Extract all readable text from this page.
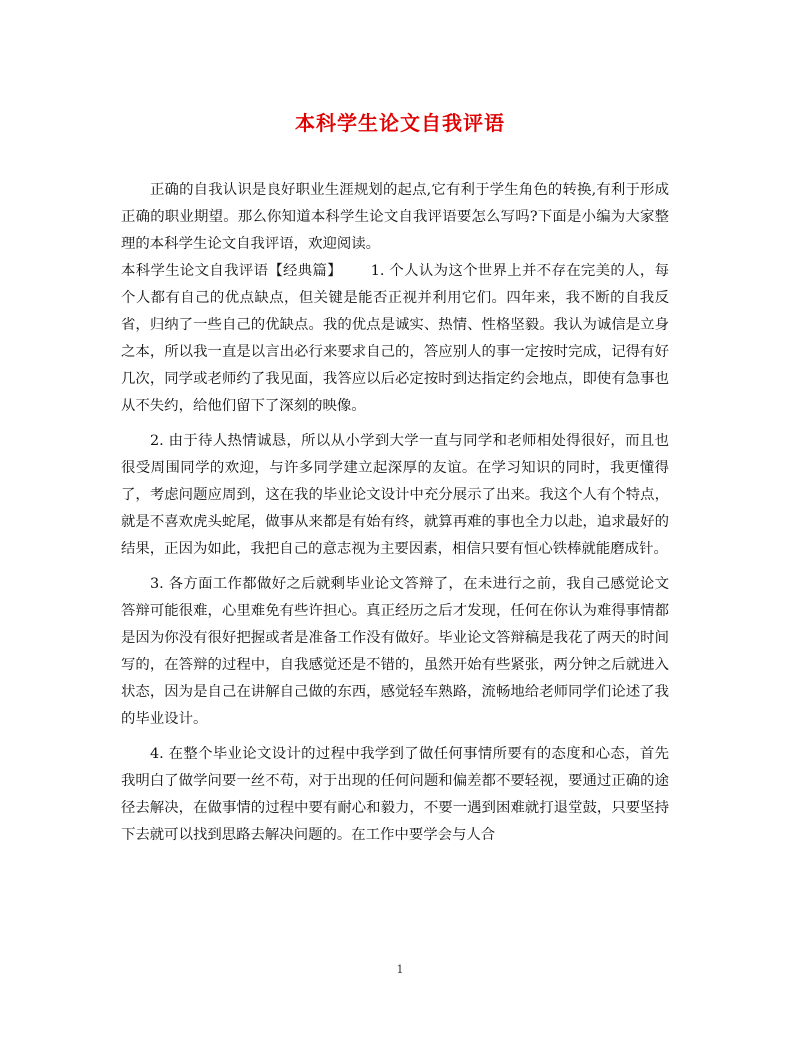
本科学生论文自我评语

正确的自我认识是良好职业生涯规划的起点,它有利于学生角色的转换,有利于形成正确的职业期望。那么你知道本科学生论文自我评语要怎么写吗?下面是小编为大家整理的本科学生论文自我评语，欢迎阅读。

本科学生论文自我评语【经典篇】   1. 个人认为这个世界上并不存在完美的人，每个人都有自己的优点缺点，但关键是能否正视并利用它们。四年来，我不断的自我反省，归纳了一些自己的优缺点。我的优点是诚实、热情、性格坚毅。我认为诚信是立身之本，所以我一直是以言出必行来要求自己的，答应别人的事一定按时完成，记得有好几次，同学或老师约了我见面，我答应以后必定按时到达指定约会地点，即使有急事也从不失约，给他们留下了深刻的映像。

2. 由于待人热情诚恳，所以从小学到大学一直与同学和老师相处得很好，而且也很受周围同学的欢迎，与许多同学建立起深厚的友谊。在学习知识的同时，我更懂得了，考虑问题应周到，这在我的毕业论文设计中充分展示了出来。我这个人有个特点，就是不喜欢虎头蛇尾，做事从来都是有始有终，就算再难的事也全力以赴，追求最好的结果，正因为如此，我把自己的意志视为主要因素，相信只要有恒心铁棒就能磨成针。

3. 各方面工作都做好之后就剩毕业论文答辩了，在未进行之前，我自己感觉论文答辩可能很难，心里难免有些许担心。真正经历之后才发现，任何在你认为难得事情都是因为你没有很好把握或者是准备工作没有做好。毕业论文答辩稿是我花了两天的时间写的，在答辩的过程中，自我感觉还是不错的，虽然开始有些紧张，两分钟之后就进入状态，因为是自己在讲解自己做的东西，感觉轻车熟路，流畅地给老师同学们论述了我的毕业设计。

4. 在整个毕业论文设计的过程中我学到了做任何事情所要有的态度和心态，首先我明白了做学问要一丝不苟，对于出现的任何问题和偏差都不要轻视，要通过正确的途径去解决，在做事情的过程中要有耐心和毅力，不要一遇到困难就打退堂鼓，只要坚持下去就可以找到思路去解决问题的。在工作中要学会与人合

1
